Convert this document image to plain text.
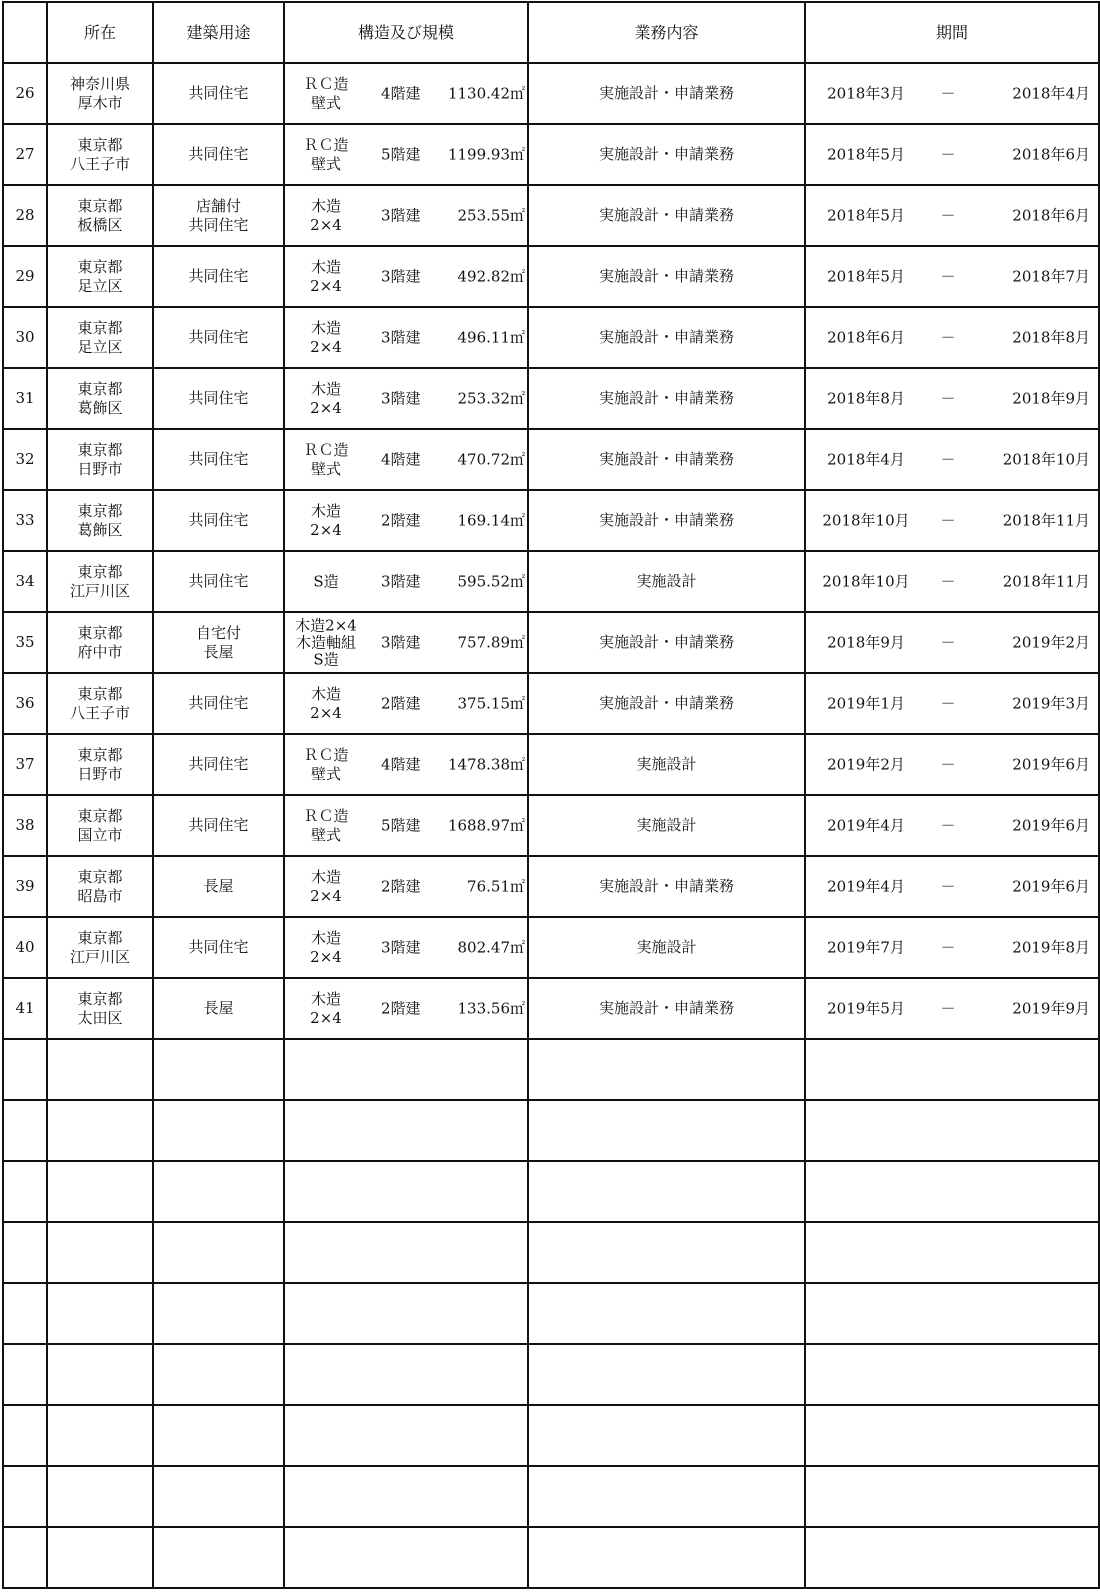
	所在	建築用途	構造及び規模	業務内容	期間
26	神奈川県
厚木市	共同住宅	ＲＣ造
壁式
4階建 1130.42㎡	実施設計・申請業務	2018年3月 － 2018年4月

27	東京都
八王子市	共同住宅	ＲＣ造
壁式
5階建 1199.93㎡	実施設計・申請業務	2018年5月 － 2018年6月

28	東京都
板橋区	店舗付
共同住宅	木造
2×4
3階建 253.55㎡	実施設計・申請業務	2018年5月 － 2018年6月

29	東京都
足立区	共同住宅	木造
2×4
3階建 492.82㎡	実施設計・申請業務	2018年5月 － 2018年7月

30	東京都
足立区	共同住宅	木造
2×4
3階建 496.11㎡	実施設計・申請業務	2018年6月 － 2018年8月

31	東京都
葛飾区	共同住宅	木造
2×4
3階建 253.32㎡	実施設計・申請業務	2018年8月 － 2018年9月

32	東京都
日野市	共同住宅	ＲＣ造
壁式
4階建 470.72㎡	実施設計・申請業務	2018年4月 － 2018年10月

33	東京都
葛飾区	共同住宅	木造
2×4
2階建 169.14㎡	実施設計・申請業務	2018年10月 － 2018年11月

34	東京都
江戸川区	共同住宅	S造 3階建 595.52㎡	実施設計	2018年10月 － 2018年11月

35	東京都
府中市	自宅付
長屋	木造2×4
木造軸組
S造
3階建 757.89㎡	実施設計・申請業務	2018年9月 － 2019年2月

36	東京都
八王子市	共同住宅	木造
2×4
2階建 375.15㎡	実施設計・申請業務	2019年1月 － 2019年3月

37	東京都
日野市	共同住宅	ＲＣ造
壁式
4階建 1478.38㎡	実施設計	2019年2月 － 2019年6月

38	東京都
国立市	共同住宅	ＲＣ造
壁式
5階建 1688.97㎡	実施設計	2019年4月 － 2019年6月

39	東京都
昭島市	長屋	木造
2×4
2階建 76.51㎡	実施設計・申請業務	2019年4月 － 2019年6月

40	東京都
江戸川区	共同住宅	木造
2×4
3階建 802.47㎡	実施設計	2019年7月 － 2019年8月

41	東京都
太田区	長屋	木造
2×4
2階建 133.56㎡	実施設計・申請業務	2019年5月 － 2019年9月
